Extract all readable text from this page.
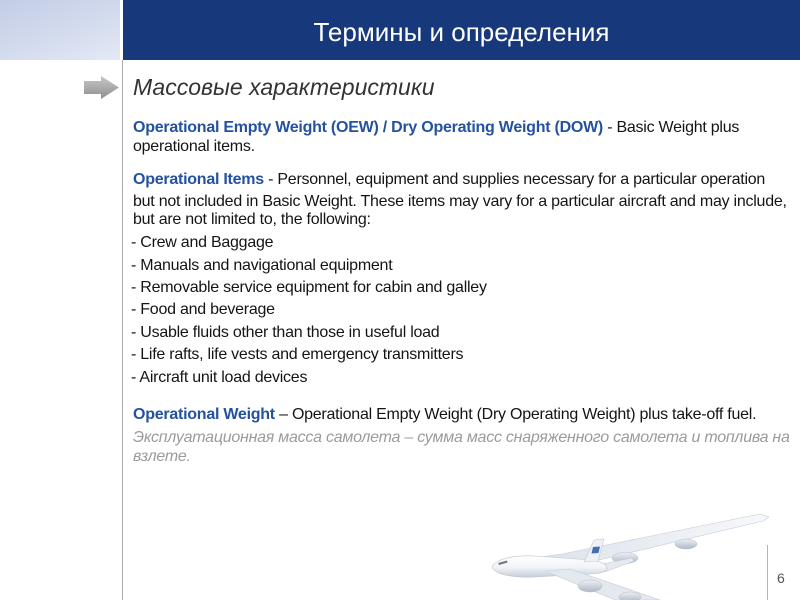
Термины и определения
Массовые характеристики
Operational Empty Weight (OEW) / Dry Operating Weight (DOW) - Basic Weight plus
operational items.
Operational Items - Personnel, equipment and supplies necessary for a particular operation
but not included in Basic Weight. These items may vary for a particular aircraft and may include,
but are not limited to, the following:
- Crew and Baggage
- Manuals and navigational equipment
- Removable service equipment for cabin and galley
- Food and beverage
- Usable fluids other than those in useful load
- Life rafts, life vests and emergency transmitters
- Aircraft unit load devices
Operational Weight – Operational Empty Weight (Dry Operating Weight) plus take-off fuel.
Эксплуатационная масса самолета – сумма масс снаряженного самолета и топлива на
взлете.
6
